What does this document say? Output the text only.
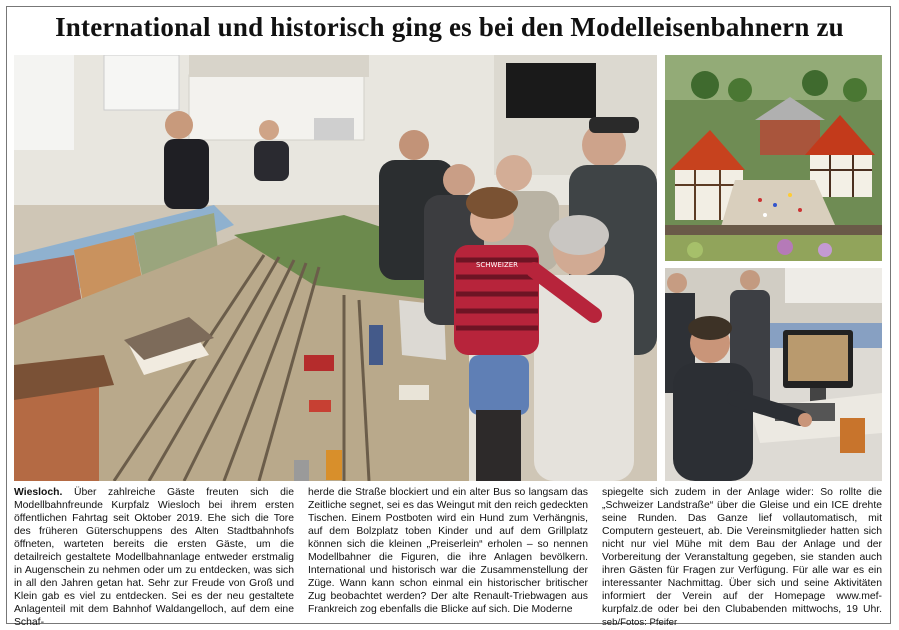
International und historisch ging es bei den Modelleisenbahnern zu
SCHWEIZER

Wiesloch. Über zahlreiche Gäste freuten sich die Modellbahnfreunde Kurpfalz Wiesloch bei ihrem ersten öffentlichen Fahrtag seit Oktober 2019. Ehe sich die Tore des früheren Güterschuppens des Alten Stadtbahnhofs öffneten, warteten bereits die ersten Gäste, um die detailreich gestaltete Modellbahnanlage entweder erstmalig in Augenschein zu nehmen oder um zu entdecken, was sich in all den Jahren getan hat. Sehr zur Freude von Groß und Klein gab es viel zu entdecken. Sei es der neu gestaltete Anlagenteil mit dem Bahnhof Waldangelloch, auf dem eine Schaf-

herde die Straße blockiert und ein alter Bus so langsam das Zeitliche segnet, sei es das Weingut mit den reich gedeckten Tischen. Einem Postboten wird ein Hund zum Verhängnis, auf dem Bolzplatz toben Kinder und auf dem Grillplatz können sich die kleinen „Preiserlein“ erholen – so nennen Modellbahner die Figuren, die ihre Anlagen bevölkern. International und historisch war die Zusammenstellung der Züge. Wann kann schon einmal ein historischer britischer Zug beobachtet werden? Der alte Renault-Triebwagen aus Frankreich zog ebenfalls die Blicke auf sich. Die Moderne

spiegelte sich zudem in der Anlage wider: So rollte die „Schweizer Landstraße“ über die Gleise und ein ICE drehte seine Runden. Das Ganze lief vollautomatisch, mit Computern gesteuert, ab. Die Vereinsmitglieder hatten sich nicht nur viel Mühe mit dem Bau der Anlage und der Vorbereitung der Veranstaltung gegeben, sie standen auch ihren Gästen für Fragen zur Verfügung. Für alle war es ein interessanter Nachmittag. Über sich und seine Aktivitäten informiert der Verein auf der Homepage www.mef-kurpfalz.de oder bei den Clubabenden mittwochs, 19 Uhr. seb/Fotos: Pfeifer
